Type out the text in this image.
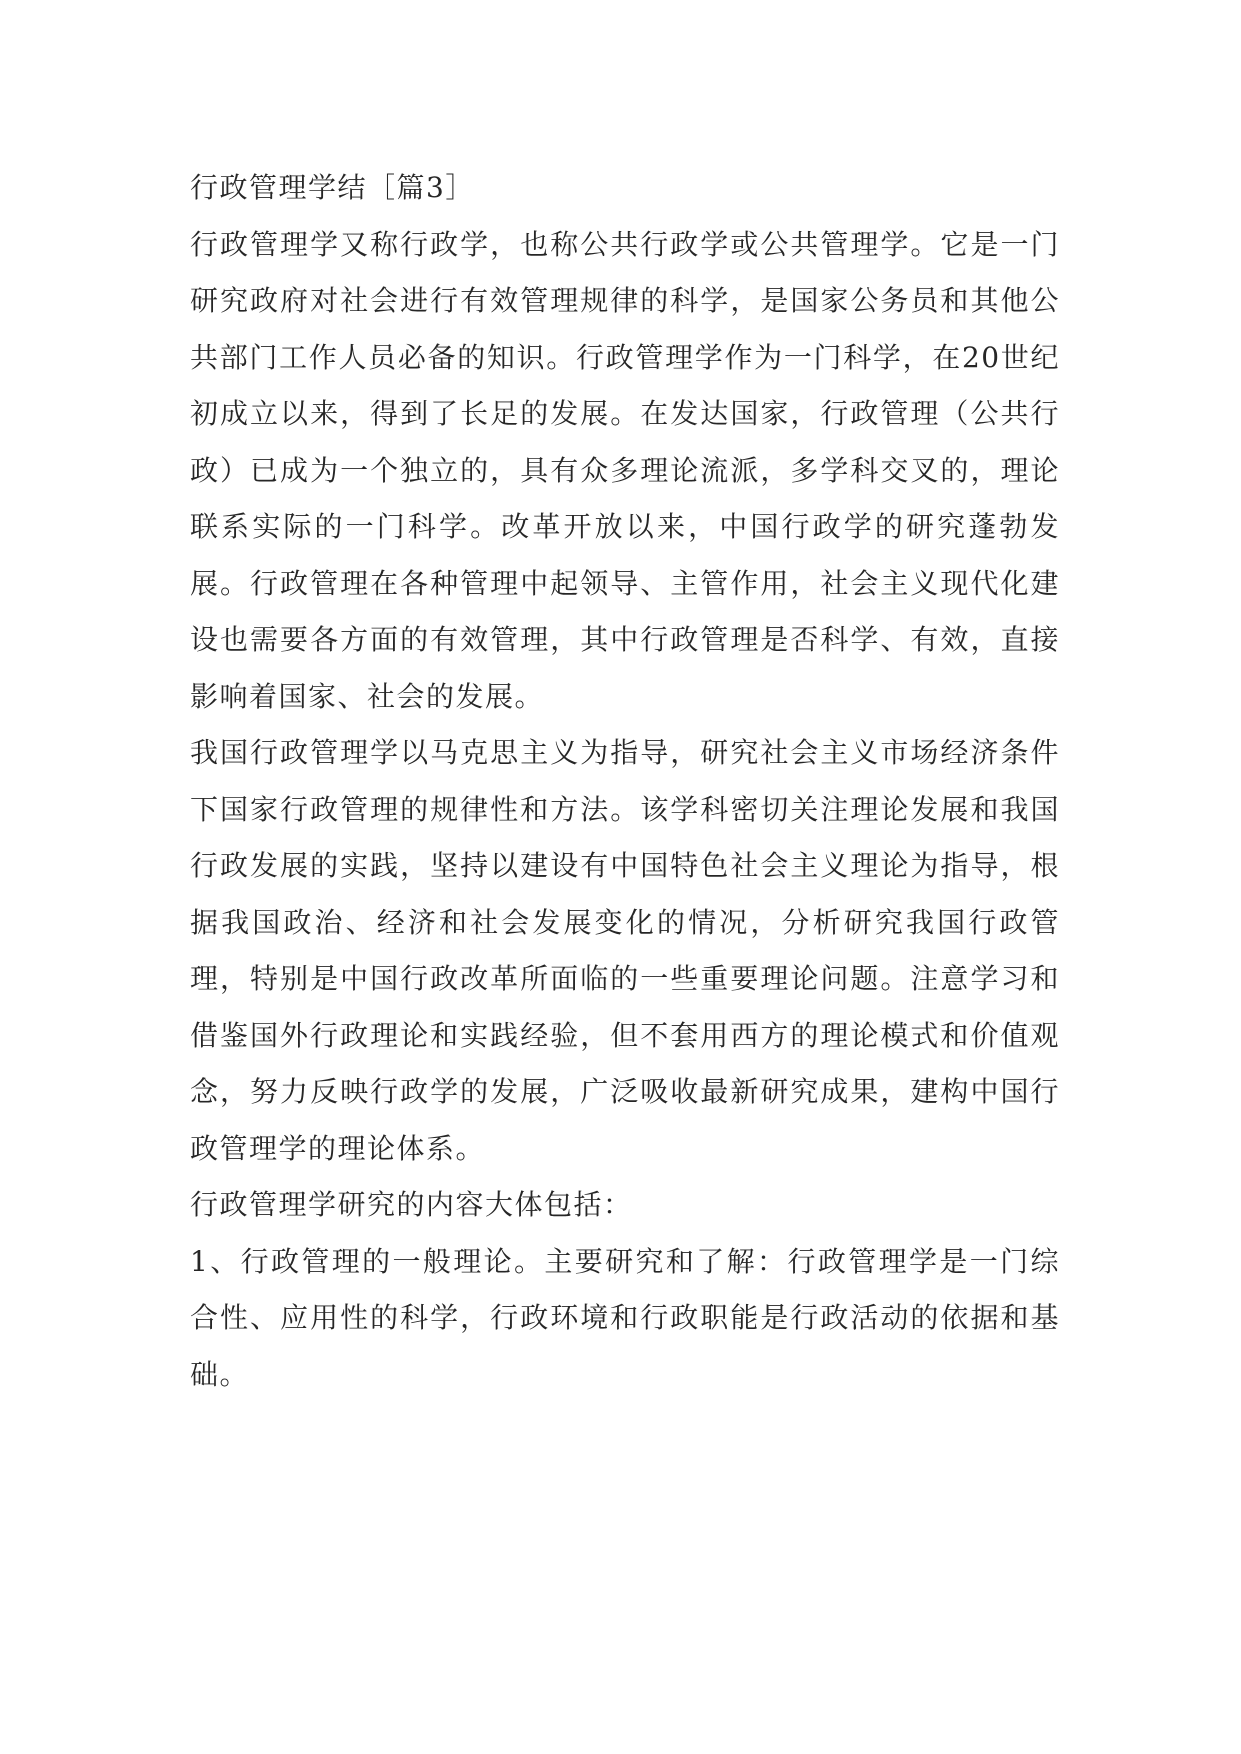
行政管理学结［篇3］

行政管理学又称行政学，也称公共行政学或公共管理学。它是一门研究政府对社会进行有效管理规律的科学，是国家公务员和其他公共部门工作人员必备的知识。行政管理学作为一门科学，在20世纪初成立以来，得到了长足的发展。在发达国家，行政管理（公共行政）已成为一个独立的，具有众多理论流派，多学科交叉的，理论联系实际的一门科学。改革开放以来，中国行政学的研究蓬勃发展。行政管理在各种管理中起领导、主管作用，社会主义现代化建设也需要各方面的有效管理，其中行政管理是否科学、有效，直接影响着国家、社会的发展。

我国行政管理学以马克思主义为指导，研究社会主义市场经济条件下国家行政管理的规律性和方法。该学科密切关注理论发展和我国行政发展的实践，坚持以建设有中国特色社会主义理论为指导，根据我国政治、经济和社会发展变化的情况，分析研究我国行政管理，特别是中国行政改革所面临的一些重要理论问题。注意学习和借鉴国外行政理论和实践经验，但不套用西方的理论模式和价值观念，努力反映行政学的发展，广泛吸收最新研究成果，建构中国行政管理学的理论体系。

行政管理学研究的内容大体包括：

1、行政管理的一般理论。主要研究和了解：行政管理学是一门综合性、应用性的科学，行政环境和行政职能是行政活动的依据和基础。
